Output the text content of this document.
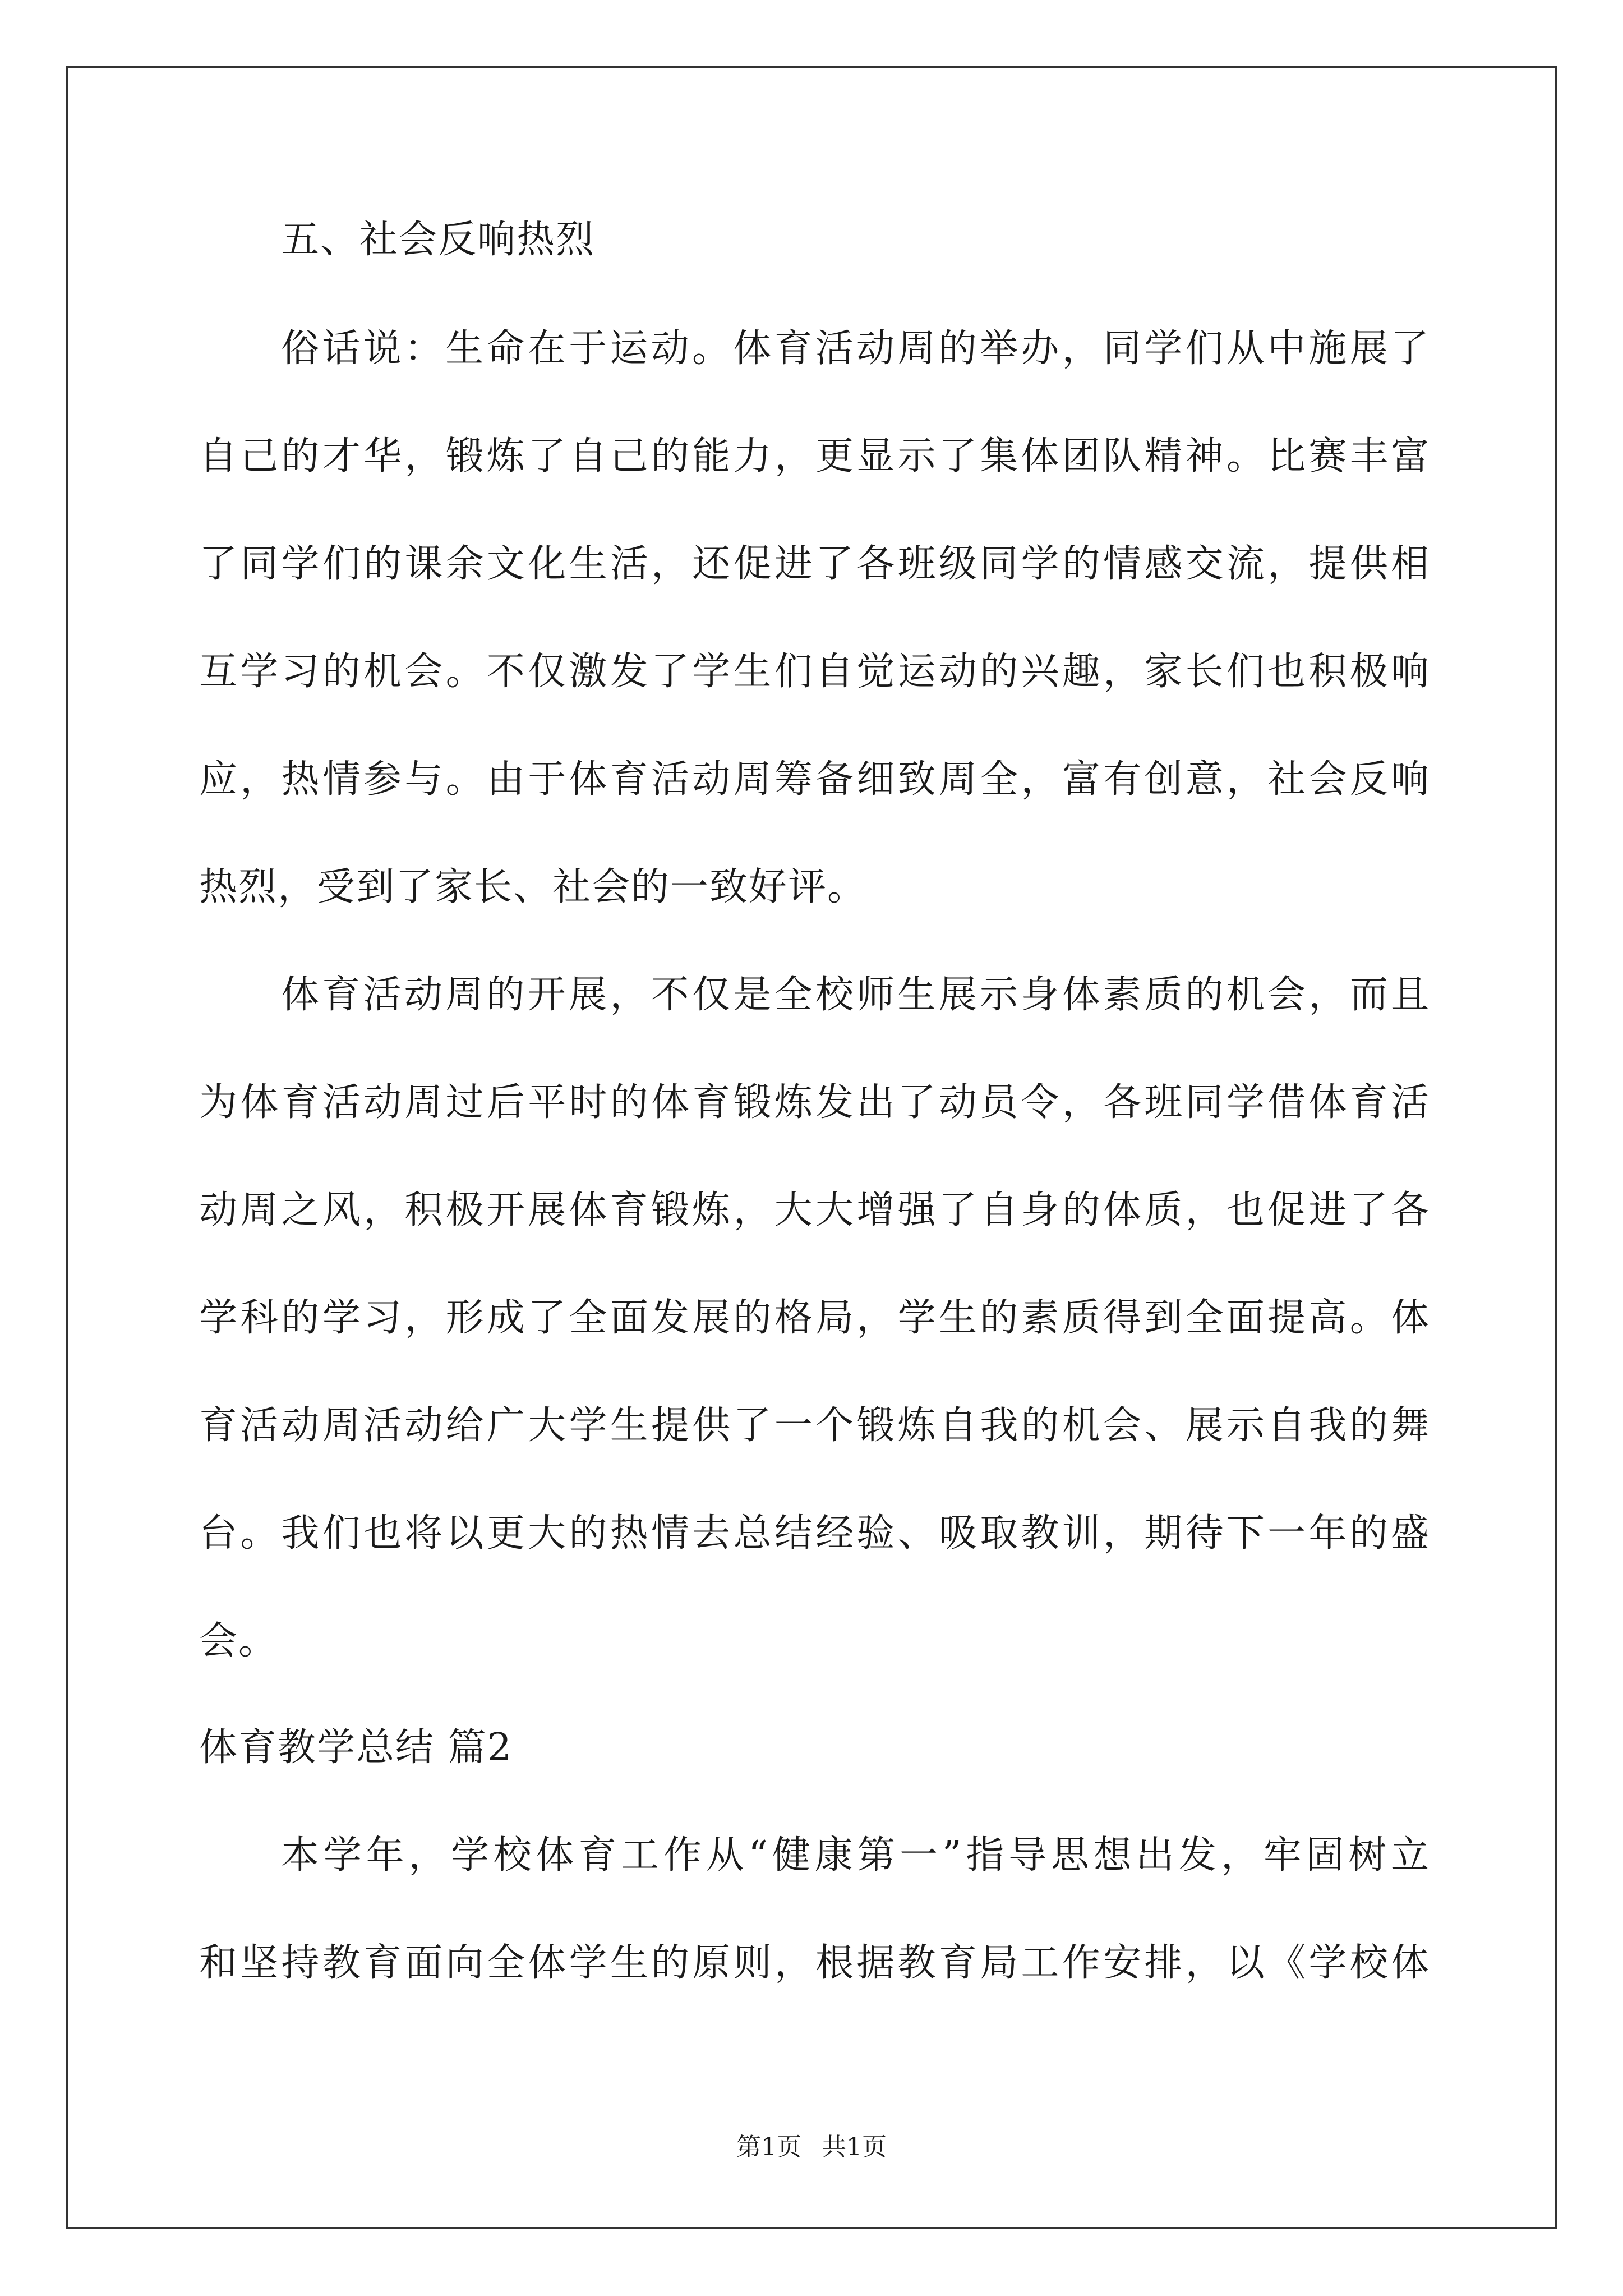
五、社会反响热烈
俗话说：生命在于运动。体育活动周的举办，同学们从中施展了
自己的才华，锻炼了自己的能力，更显示了集体团队精神。比赛丰富
了同学们的课余文化生活，还促进了各班级同学的情感交流，提供相
互学习的机会。不仅激发了学生们自觉运动的兴趣，家长们也积极响
应，热情参与。由于体育活动周筹备细致周全，富有创意，社会反响
热烈，受到了家长、社会的一致好评。
体育活动周的开展，不仅是全校师生展示身体素质的机会，而且
为体育活动周过后平时的体育锻炼发出了动员令，各班同学借体育活
动周之风，积极开展体育锻炼，大大增强了自身的体质，也促进了各
学科的学习，形成了全面发展的格局，学生的素质得到全面提高。体
育活动周活动给广大学生提供了一个锻炼自我的机会、展示自我的舞
台。我们也将以更大的热情去总结经验、吸取教训，期待下一年的盛
会。
体育教学总结 篇2
本学年，学校体育工作从“健康第一”指导思想出发，牢固树立
和坚持教育面向全体学生的原则，根据教育局工作安排，以《学校体
第1页 共1页
